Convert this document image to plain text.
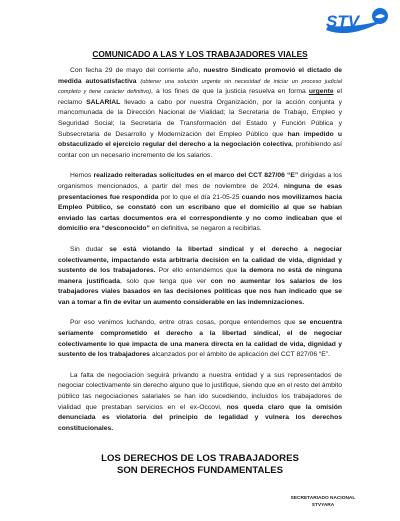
STV
COMUNICADO A LAS Y LOS TRABAJADORES VIALES

Con fecha 29 de mayo del corriente año, nuestro Sindicato promovió el dictado de medida autosatisfactiva (obtener una solución urgente sin necesidad de iniciar un proceso judicial completo y tiene carácter definitivo), a los fines de que la justicia resuelva en forma urgente el reclamo SALARIAL llevado a cabo por nuestra Organización, por la acción conjunta y mancomunada de la Dirección Nacional de Vialidad; la Secretaria de Trabajo, Empleo y Seguridad Social; la Secretaria de Transformación del Estado y Función Pública y Subsecretaria de Desarrollo y Modernización del Empleo Público que han impedido u obstaculizado el ejercicio regular del derecho a la negociación colectiva, prohibiendo así contar con un necesario incremento de los salarios.

Hemos realizado reiteradas solicitudes en el marco del CCT 827/06 “E” dirigidas a los organismos mencionados, a partir del mes de noviembre de 2024, ninguna de esas presentaciones fue respondida por lo que el día 21-05-25 cuando nos movilizamos hacia Empleo Público, se constató con un escribano que el domicilio al que se habían enviado las cartas documentos era el correspondiente y no como indicaban que el domicilio era “desconocido” en definitiva, se negaron a recibirlas.

Sin dudar se está violando la libertad sindical y el derecho a negociar colectivamente, impactando esta arbitraria decisión en la calidad de vida, dignidad y sustento de los trabajadores. Por ello entendemos que la demora no está de ninguna manera justificada, solo que tenga que ver con no aumentar los salarios de los trabajadores viales basados en las decisiones políticas que nos han indicado que se van a tomar a fin de evitar un aumento considerable en las indemnizaciones.

Por eso venimos luchando, entre otras cosas, porque entendemos que se encuentra seriamente comprometido el derecho a la libertad sindical, el de negociar colectivamente lo que impacta de una manera directa en la calidad de vida, dignidad y sustento de los trabajadores alcanzados por el ámbito de aplicación del CCT 827/06 “E”.

La falta de negociación seguirá privando a nuestra entidad y a sus representados de negociar colectivamente sin derecho alguno que lo justifique, siendo que en el resto del ámbito público las negociaciones salariales se han ido sucediendo, incluidos los trabajadores de vialidad que prestaban servicios en el ex-Occovi, nos queda claro que la omisión denunciada es violatoria del principio de legalidad y vulnera los derechos constitucionales.

LOS DERECHOS DE LOS TRABAJADORES
SON DERECHOS FUNDAMENTALES
SECRETARIADO NACIONAL
STVYARA
